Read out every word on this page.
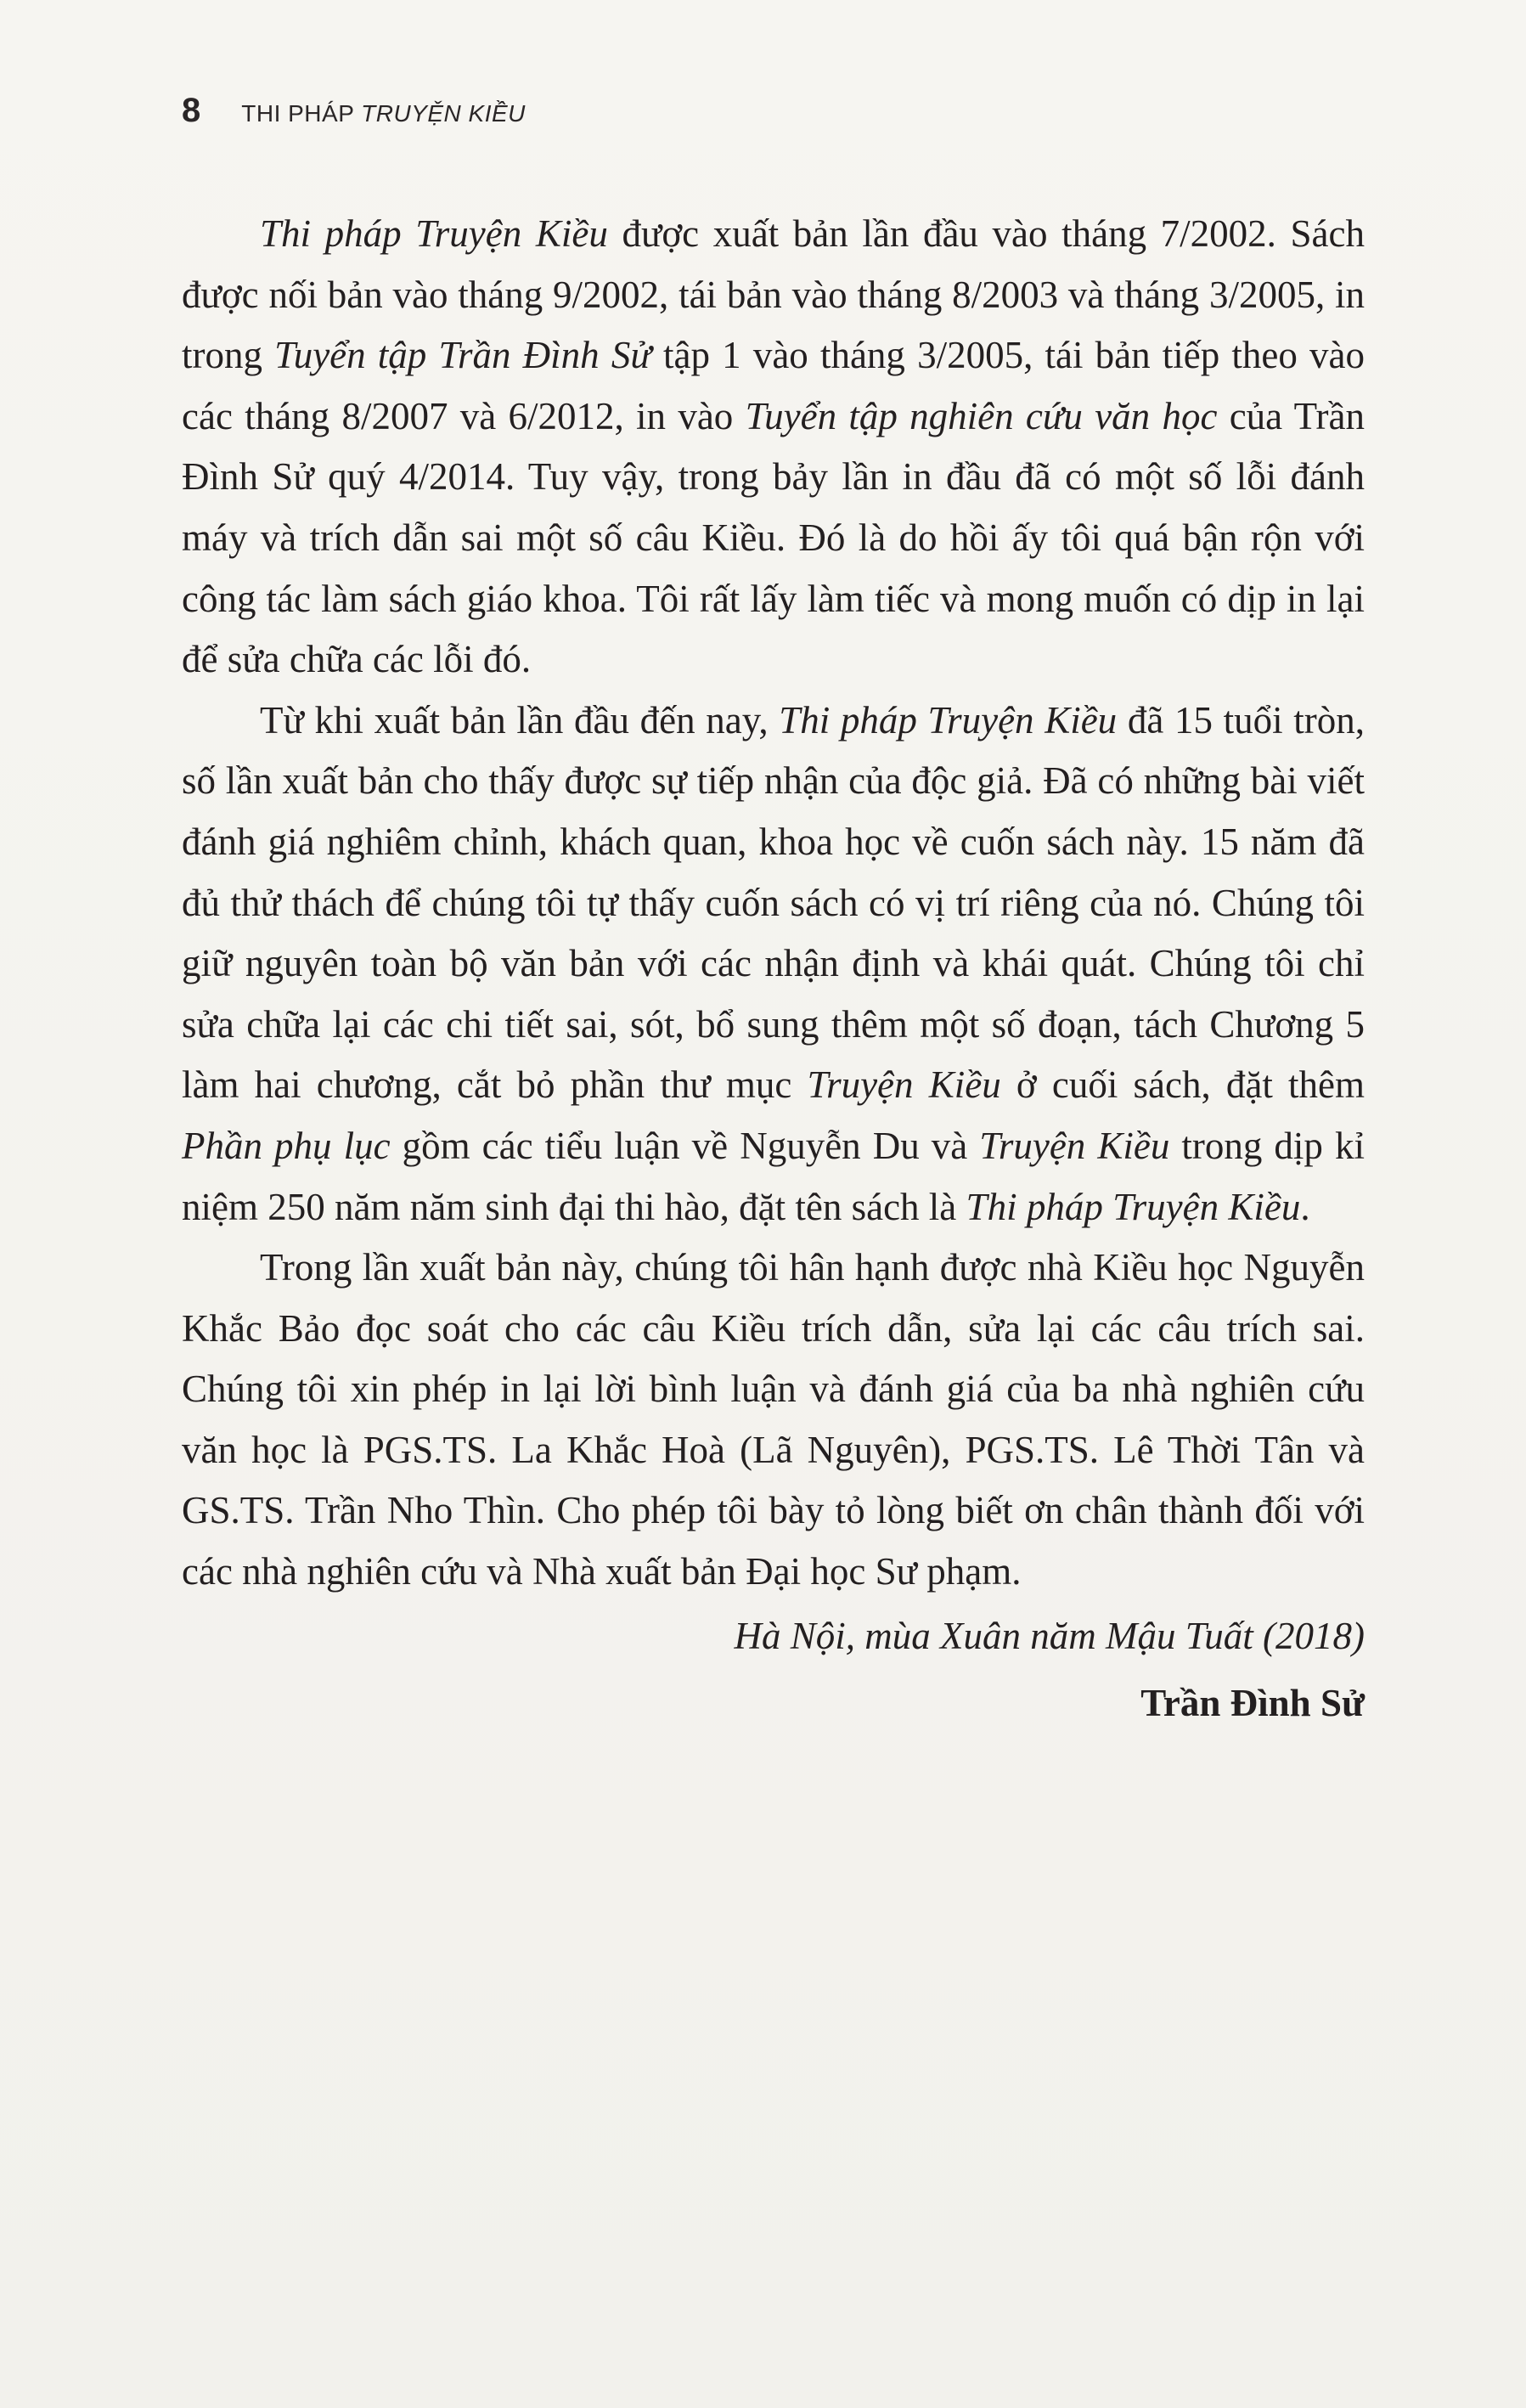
8 THI PHÁP TRUYỆN KIỀU

Thi pháp Truyện Kiều được xuất bản lần đầu vào tháng 7/2002. Sách được nối bản vào tháng 9/2002, tái bản vào tháng 8/2003 và tháng 3/2005, in trong Tuyển tập Trần Đình Sử tập 1 vào tháng 3/2005, tái bản tiếp theo vào các tháng 8/2007 và 6/2012, in vào Tuyển tập nghiên cứu văn học của Trần Đình Sử quý 4/2014. Tuy vậy, trong bảy lần in đầu đã có một số lỗi đánh máy và trích dẫn sai một số câu Kiều. Đó là do hồi ấy tôi quá bận rộn với công tác làm sách giáo khoa. Tôi rất lấy làm tiếc và mong muốn có dịp in lại để sửa chữa các lỗi đó.

Từ khi xuất bản lần đầu đến nay, Thi pháp Truyện Kiều đã 15 tuổi tròn, số lần xuất bản cho thấy được sự tiếp nhận của độc giả. Đã có những bài viết đánh giá nghiêm chỉnh, khách quan, khoa học về cuốn sách này. 15 năm đã đủ thử thách để chúng tôi tự thấy cuốn sách có vị trí riêng của nó. Chúng tôi giữ nguyên toàn bộ văn bản với các nhận định và khái quát. Chúng tôi chỉ sửa chữa lại các chi tiết sai, sót, bổ sung thêm một số đoạn, tách Chương 5 làm hai chương, cắt bỏ phần thư mục Truyện Kiều ở cuối sách, đặt thêm Phần phụ lục gồm các tiểu luận về Nguyễn Du và Truyện Kiều trong dịp kỉ niệm 250 năm năm sinh đại thi hào, đặt tên sách là Thi pháp Truyện Kiều.

Trong lần xuất bản này, chúng tôi hân hạnh được nhà Kiều học Nguyễn Khắc Bảo đọc soát cho các câu Kiều trích dẫn, sửa lại các câu trích sai. Chúng tôi xin phép in lại lời bình luận và đánh giá của ba nhà nghiên cứu văn học là PGS.TS. La Khắc Hoà (Lã Nguyên), PGS.TS. Lê Thời Tân và GS.TS. Trần Nho Thìn. Cho phép tôi bày tỏ lòng biết ơn chân thành đối với các nhà nghiên cứu và Nhà xuất bản Đại học Sư phạm.

Hà Nội, mùa Xuân năm Mậu Tuất (2018)
Trần Đình Sử
